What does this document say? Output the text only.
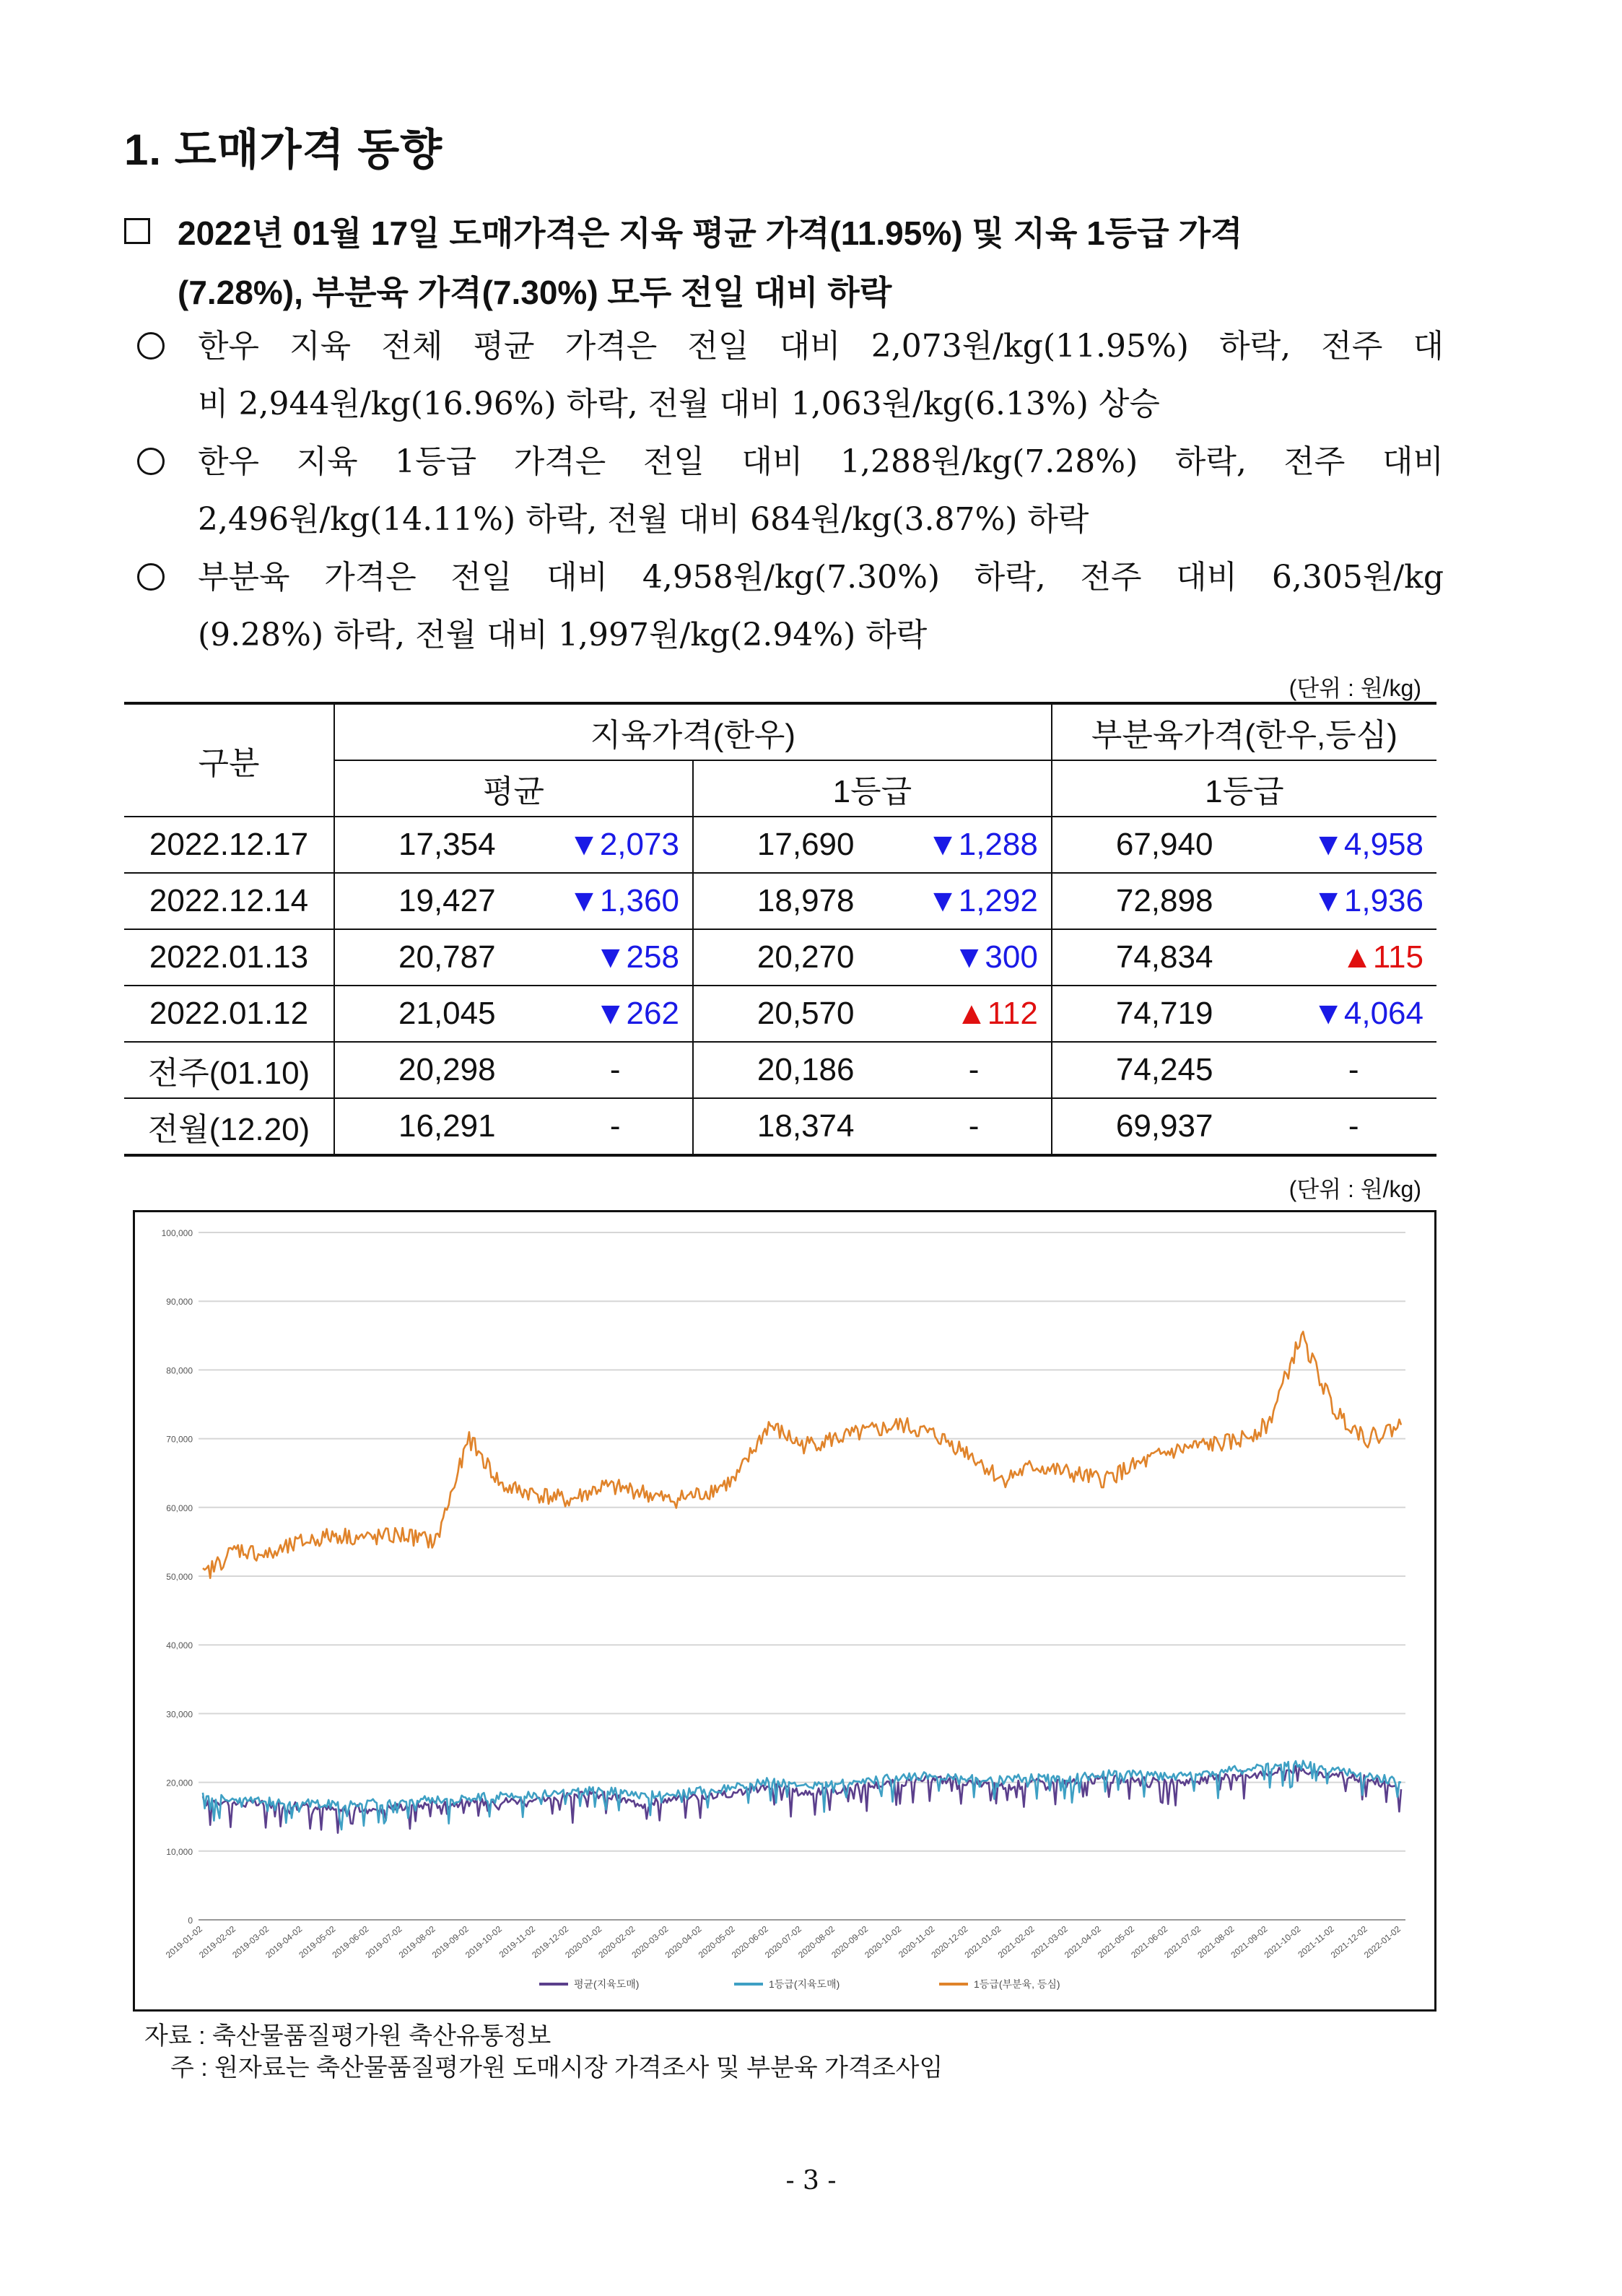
1. 도매가격 동향
2022년 01월 17일 도매가격은 지육 평균 가격(11.95%) 및 지육 1등급 가격
(7.28%), 부분육 가격(7.30%) 모두 전일 대비 하락
한우 지육 전체 평균 가격은 전일 대비 2,073원/kg(11.95%) 하락, 전주 대
비 2,944원/kg(16.96%) 하락, 전월 대비 1,063원/kg(6.13%) 상승
한우 지육 1등급 가격은 전일 대비 1,288원/kg(7.28%) 하락, 전주 대비
2,496원/kg(14.11%) 하락, 전월 대비 684원/kg(3.87%) 하락
부분육 가격은 전일 대비 4,958원/kg(7.30%) 하락, 전주 대비 6,305원/kg
(9.28%) 하락, 전월 대비 1,997원/kg(2.94%) 하락
(단위 : 원/kg)
구분	지육가격(한우)				부분육가격(한우,등심)	
	평균		1등급		1등급	
2022.12.17	17,354	▼2,073	17,690	▼1,288	67,940	▼4,958
2022.12.14	19,427	▼1,360	18,978	▼1,292	72,898	▼1,936
2022.01.13	20,787	▼258	20,270	▼300	74,834	▲115
2022.01.12	21,045	▼262	20,570	▲112	74,719	▼4,064
전주(01.10)	20,298	-	20,186	-	74,245	-
전월(12.20)	16,291	-	18,374	-	69,937	-
(단위 : 원/kg)
0
10,000
20,000
30,000
40,000
50,000
60,000
70,000
80,000
90,000
100,000
2019-01-02
2019-02-02
2019-03-02
2019-04-02
2019-05-02
2019-06-02
2019-07-02
2019-08-02
2019-09-02
2019-10-02
2019-11-02
2019-12-02
2020-01-02
2020-02-02
2020-03-02
2020-04-02
2020-05-02
2020-06-02
2020-07-02
2020-08-02
2020-09-02
2020-10-02
2020-11-02
2020-12-02
2021-01-02
2021-02-02
2021-03-02
2021-04-02
2021-05-02
2021-06-02
2021-07-02
2021-08-02
2021-09-02
2021-10-02
2021-11-02
2021-12-02
2022-01-02
평균(지육도매)	1등급(지육도매)	1등급(부분육, 등심)
자료 : 축산물품질평가원 축산유통정보
주 : 원자료는 축산물품질평가원 도매시장 가격조사 및 부분육 가격조사임
- 3 -
